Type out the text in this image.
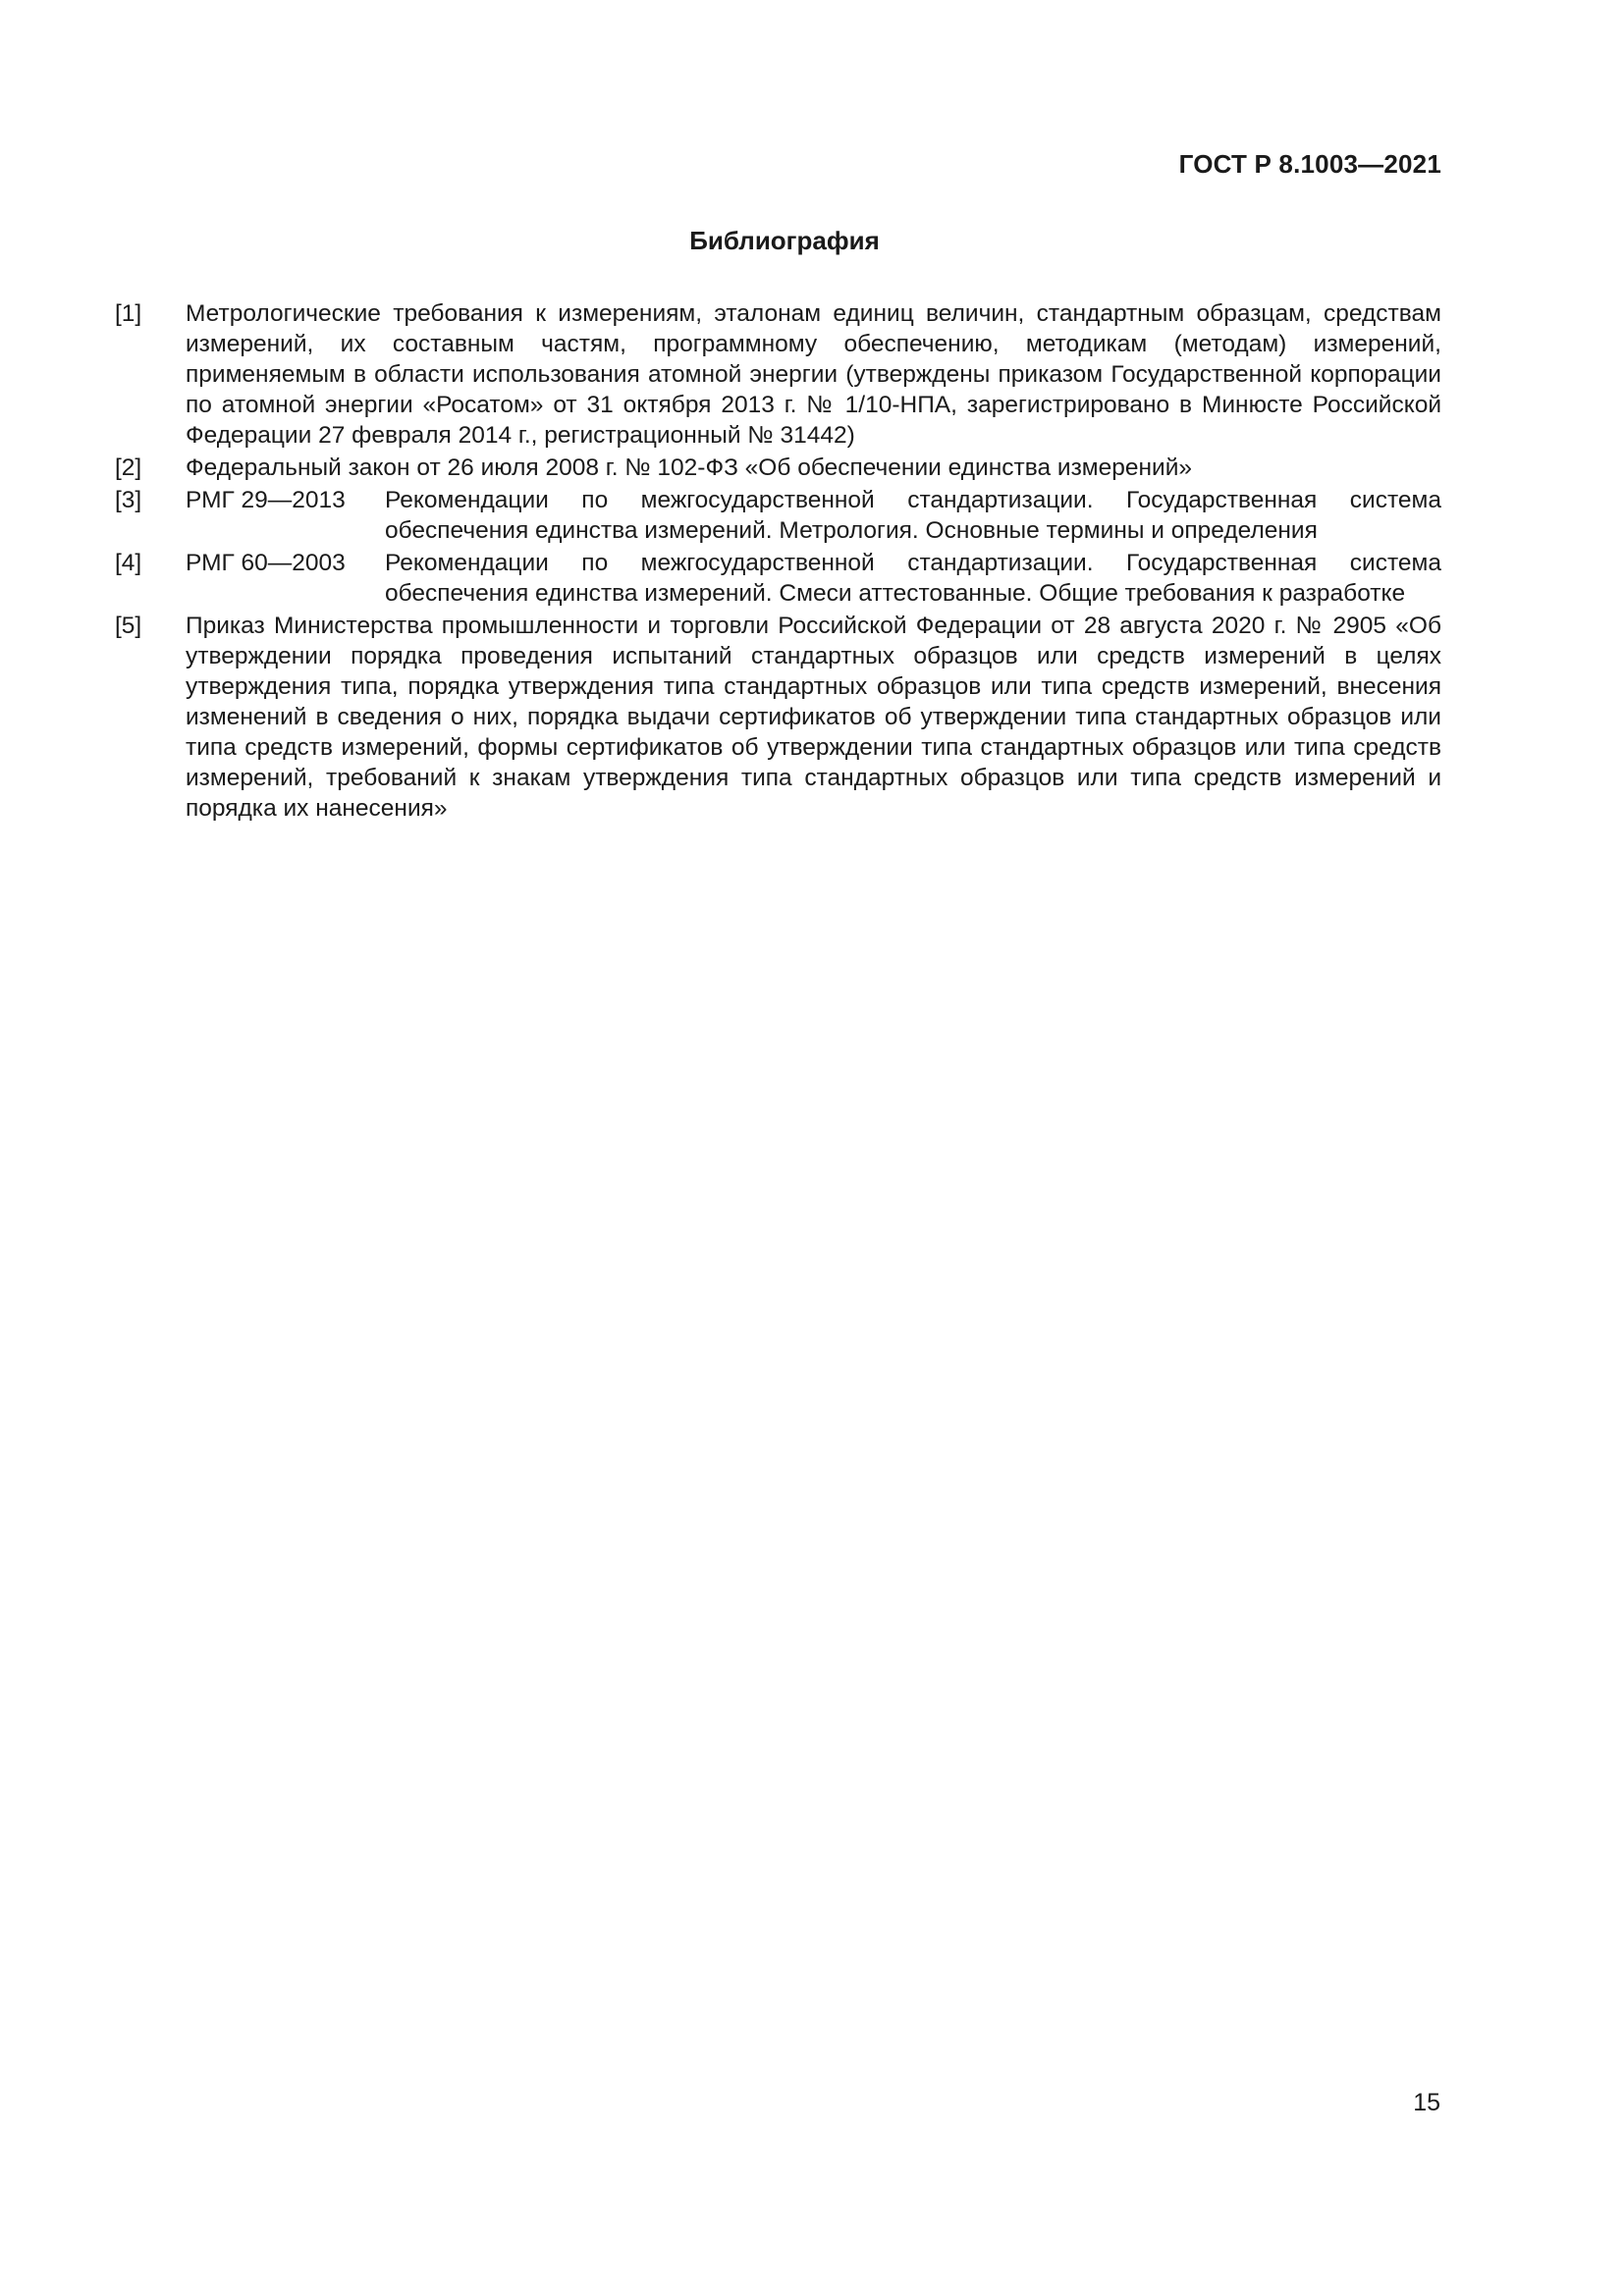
ГОСТ Р 8.1003—2021
Библиография
[1]	Метрологические требования к измерениям, эталонам единиц величин, стандартным образцам, средствам измерений, их составным частям, программному обеспечению, методикам (методам) измерений, применяемым в области использования атомной энергии (утверждены приказом Государственной корпорации по атомной энергии «Росатом» от 31 октября 2013 г. № 1/10-НПА, зарегистрировано в Минюсте Российской Федерации 27 февраля 2014 г., регистрационный № 31442)
[2]	Федеральный закон от 26 июля 2008 г. № 102-ФЗ «Об обеспечении единства измерений»
[3]	РМГ 29—2013	Рекомендации по межгосударственной стандартизации. Государственная система обеспечения единства измерений. Метрология. Основные термины и определения
[4]	РМГ 60—2003	Рекомендации по межгосударственной стандартизации. Государственная система обеспечения единства измерений. Смеси аттестованные. Общие требования к разработке
[5]	Приказ Министерства промышленности и торговли Российской Федерации от 28 августа 2020 г. № 2905 «Об утверждении порядка проведения испытаний стандартных образцов или средств измерений в целях утверждения типа, порядка утверждения типа стандартных образцов или типа средств измерений, внесения изменений в сведения о них, порядка выдачи сертификатов об утверждении типа стандартных образцов или типа средств измерений, формы сертификатов об утверждении типа стандартных образцов или типа средств измерений, требований к знакам утверждения типа стандартных образцов или типа средств измерений и порядка их нанесения»
15
